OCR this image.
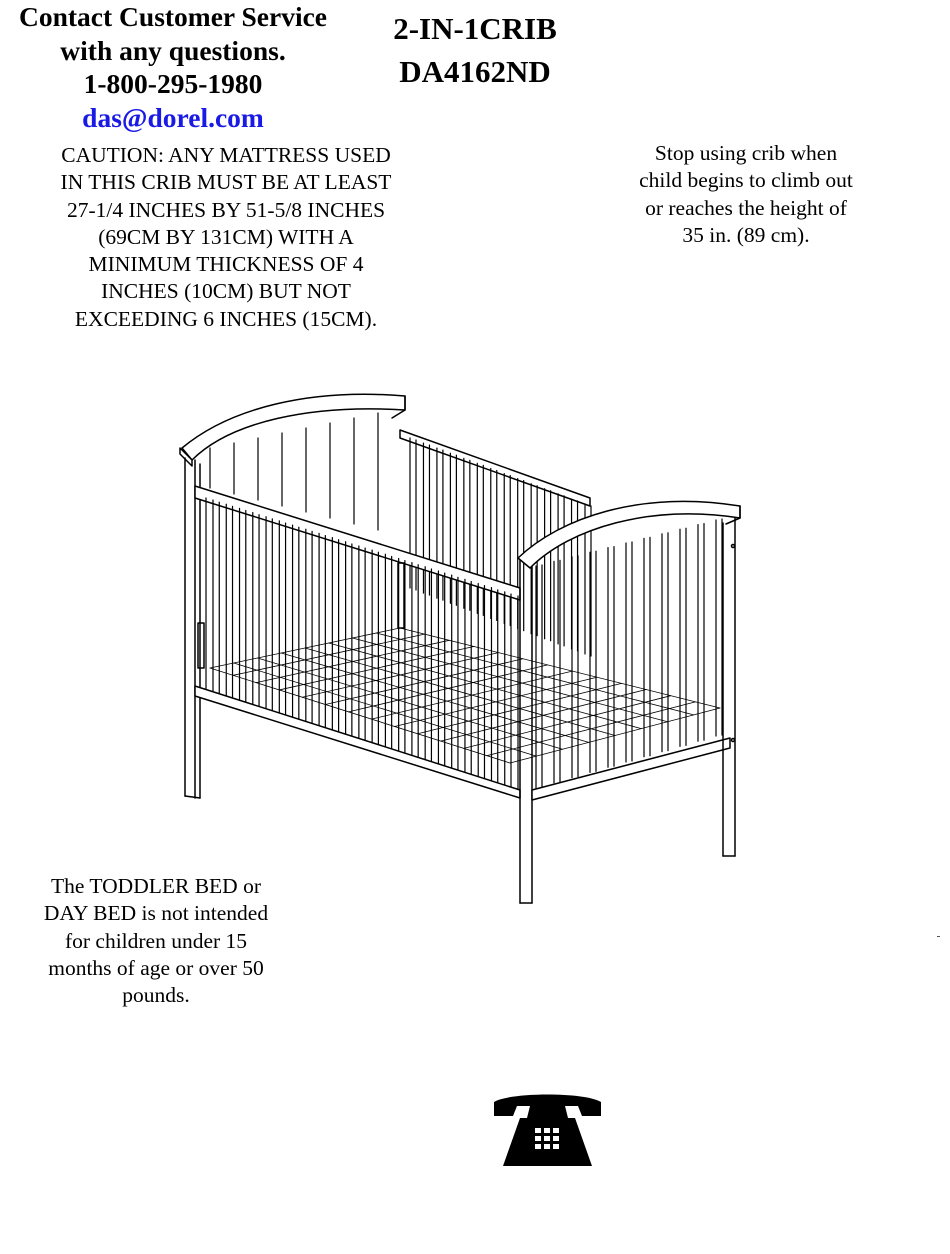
2-IN-1CRIB
DA4162ND
CAUTION: ANY MATTRESS USED
IN THIS CRIB MUST BE AT LEAST
27-1/4 INCHES BY 51-5/8 INCHES
(69CM BY 131CM) WITH A
MINIMUM THICKNESS OF 4
INCHES (10CM) BUT NOT
EXCEEDING 6 INCHES (15CM).
Stop using crib when
child begins to climb out
or reaches the height of
35 in. (89 cm).
The TODDLER BED or
DAY BED is not intended
for children under 15
months of age or over 50
pounds.
Contact Customer Service
with any questions.
1-800-295-1980
das@dorel.com
